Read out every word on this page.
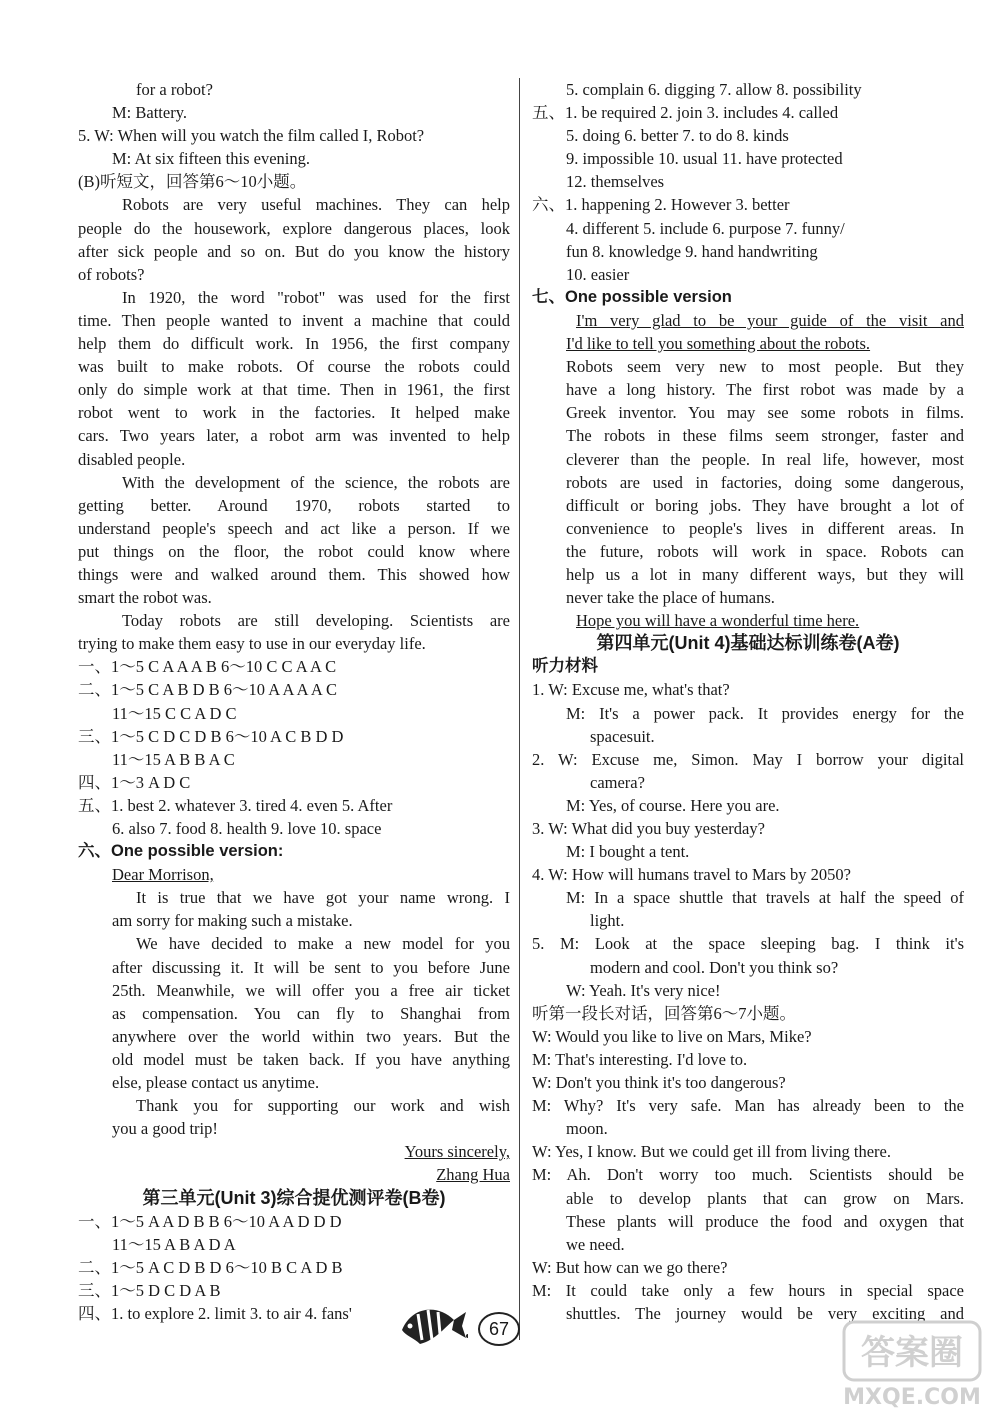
for a robot?
M: Battery.
5. W: When will you watch the film called I, Robot?
M: At six fifteen this evening.
(B)听短文，回答第6～10小题。
Robots are very useful machines. They can help
people do the housework, explore dangerous places, look
after sick people and so on. But do you know the history
of robots?
In 1920, the word "robot" was used for the first
time. Then people wanted to invent a machine that could
help them do difficult work. In 1956, the first company
was built to make robots. Of course the robots could
only do simple work at that time. Then in 1961, the first
robot went to work in the factories. It helped make
cars. Two years later, a robot arm was invented to help
disabled people.
With the development of the science, the robots are
getting better. Around 1970, robots started to
understand people's speech and act like a person. If we
put things on the floor, the robot could know where
things were and walked around them. This showed how
smart the robot was.
Today robots are still developing. Scientists are
trying to make them easy to use in our everyday life.
一、1～5 C A A A B 6～10 C C A A C
二、1～5 C A B D B 6～10 A A A A C
11～15 C C A D C
三、1～5 C D C D B 6～10 A C B D D
11～15 A B B A C
四、1～3 A D C
五、1. best 2. whatever 3. tired 4. even 5. After
6. also 7. food 8. health 9. love 10. space
六、One possible version:
Dear Morrison,
It is true that we have got your name wrong. I
am sorry for making such a mistake.
We have decided to make a new model for you
after discussing it. It will be sent to you before June
25th. Meanwhile, we will offer you a free air ticket
as compensation. You can fly to Shanghai from
anywhere over the world within two years. But the
old model must be taken back. If you have anything
else, please contact us anytime.
Thank you for supporting our work and wish
you a good trip!
Yours sincerely,
Zhang Hua
第三单元(Unit 3)综合提优测评卷(B卷)
一、1～5 A A D B B 6～10 A A D D D
11～15 A B A D A
二、1～5 A C D B D 6～10 B C A D B
三、1～5 D C D A B
四、1. to explore 2. limit 3. to air 4. fans'
5. complain 6. digging 7. allow 8. possibility
五、1. be required 2. join 3. includes 4. called
5. doing 6. better 7. to do 8. kinds
9. impossible 10. usual 11. have protected
12. themselves
六、1. happening 2. However 3. better
4. different 5. include 6. purpose 7. funny/
fun 8. knowledge 9. hand handwriting
10. easier
七、One possible version
I'm very glad to be your guide of the visit and
I'd like to tell you something about the robots.
Robots seem very new to most people. But they
have a long history. The first robot was made by a
Greek inventor. You may see some robots in films.
The robots in these films seem stronger, faster and
cleverer than the people. In real life, however, most
robots are used in factories, doing some dangerous,
difficult or boring jobs. They have brought a lot of
convenience to people's lives in different areas. In
the future, robots will work in space. Robots can
help us a lot in many different ways, but they will
never take the place of humans.
Hope you will have a wonderful time here.
第四单元(Unit 4)基础达标训练卷(A卷)
听力材料
1. W: Excuse me, what's that?
M: It's a power pack. It provides energy for the
spacesuit.
2. W: Excuse me, Simon. May I borrow your digital
camera?
M: Yes, of course. Here you are.
3. W: What did you buy yesterday?
M: I bought a tent.
4. W: How will humans travel to Mars by 2050?
M: In a space shuttle that travels at half the speed of
light.
5. M: Look at the space sleeping bag. I think it's
modern and cool. Don't you think so?
W: Yeah. It's very nice!
听第一段长对话，回答第6～7小题。
W: Would you like to live on Mars, Mike?
M: That's interesting. I'd love to.
W: Don't you think it's too dangerous?
M: Why? It's very safe. Man has already been to the
moon.
W: Yes, I know. But we could get ill from living there.
M: Ah. Don't worry too much. Scientists should be
able to develop plants that can grow on Mars.
These plants will produce the food and oxygen that
we need.
W: But how can we go there?
M: It could take only a few hours in special space
shuttles. The journey would be very exciting and
67
答案圈
MXQE.COM
